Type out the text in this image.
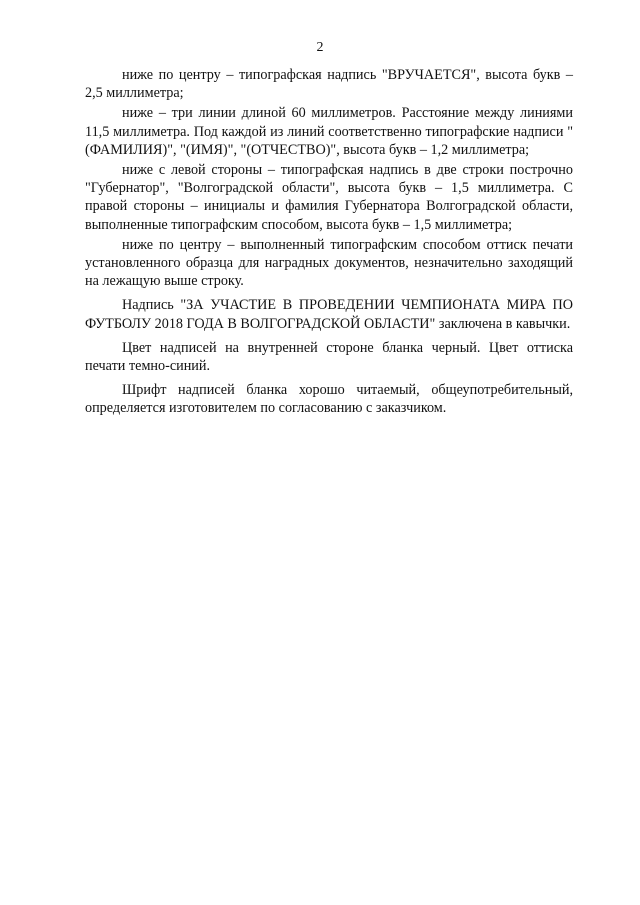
2

ниже по центру – типографская надпись "ВРУЧАЕТСЯ", высота букв – 2,5 миллиметра;

ниже – три линии длиной 60 миллиметров. Расстояние между линиями 11,5 миллиметра. Под каждой из линий соответственно типографские надписи "(ФАМИЛИЯ)", "(ИМЯ)", "(ОТЧЕСТВО)", высота букв – 1,2 миллиметра;

ниже с левой стороны – типографская надпись в две строки построчно "Губернатор", "Волгоградской области", высота букв – 1,5 миллиметра. С правой стороны – инициалы и фамилия Губернатора Волгоградской области, выполненные типографским способом, высота букв – 1,5 миллиметра;

ниже по центру – выполненный типографским способом оттиск печати установленного образца для наградных документов, незначительно заходящий на лежащую выше строку.

Надпись "ЗА УЧАСТИЕ В ПРОВЕДЕНИИ ЧЕМПИОНАТА МИРА ПО ФУТБОЛУ 2018 ГОДА В ВОЛГОГРАДСКОЙ ОБЛАСТИ" заключена в кавычки.

Цвет надписей на внутренней стороне бланка черный. Цвет оттиска печати темно-синий.

Шрифт надписей бланка хорошо читаемый, общеупотребительный, определяется изготовителем по согласованию с заказчиком.
